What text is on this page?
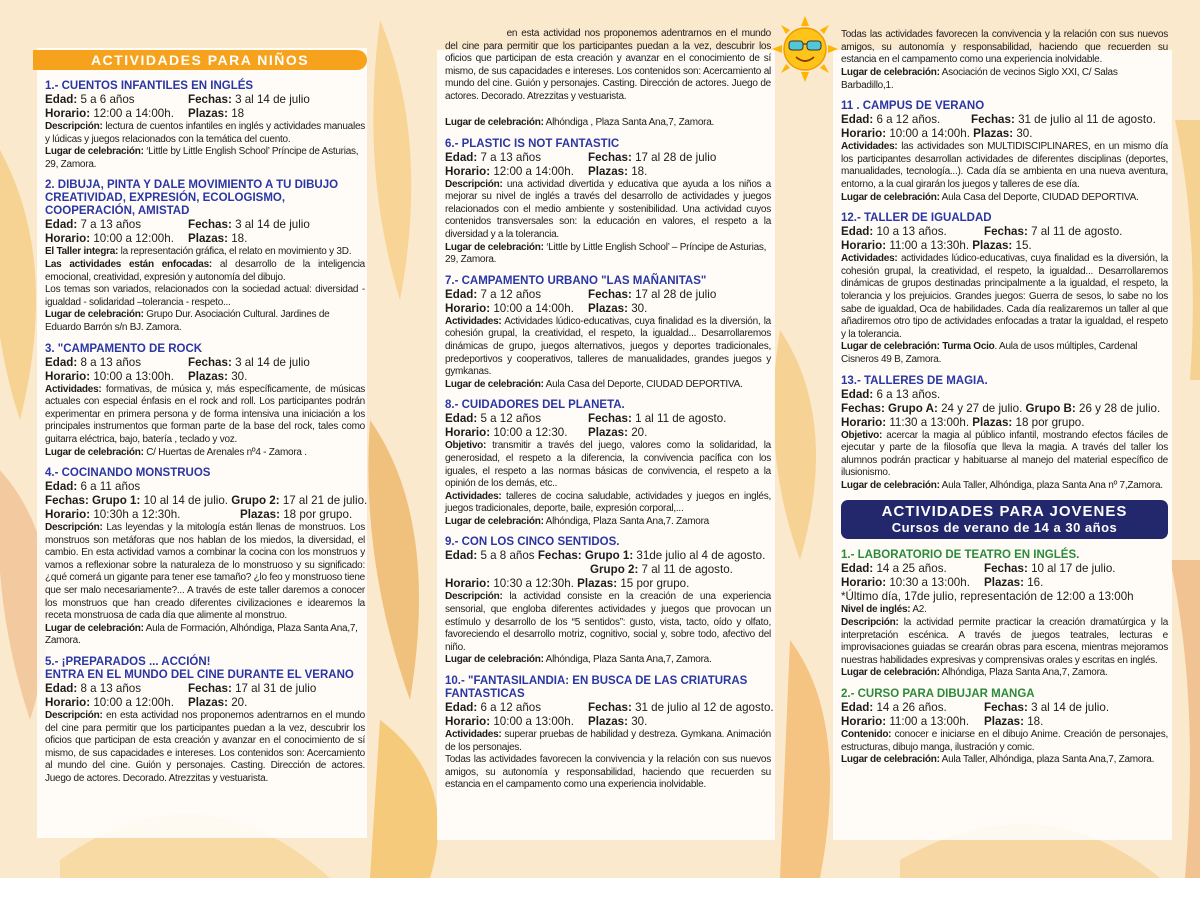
ACTIVIDADES PARA NIÑOS
1.- CUENTOS INFANTILES EN INGLÉS
Edad: 5 a 6 años	Fechas: 3 al 14 de julio
Horario: 12:00 a 14:00h. Plazas: 18
Descripción: lectura de cuentos infantiles en inglés y actividades manuales y lúdicas y juegos relacionados con la temática del cuento.
Lugar de celebración: ‘Little by Little English School’ Príncipe de Asturias, 29, Zamora.
2. DIBUJA, PINTA Y DALE MOVIMIENTO A TU DIBUJO CREATIVIDAD, EXPRESIÓN, ECOLOGISMO, COOPERACIÓN, AMISTAD
Edad: 7 a 13 años	Fechas: 3 al 14 de julio
Horario: 10:00 a 12:00h. Plazas: 18.
El Taller integra: la representación gráfica, el relato en movimiento y 3D.
Las actividades están enfocadas: al desarrollo de la inteligencia emocional, creatividad, expresión y autonomía del dibujo.
Los temas son variados, relacionados con la sociedad actual: diversidad - igualdad - solidaridad –tolerancia - respeto...
Lugar de celebración: Grupo Dur. Asociación Cultural. Jardines de Eduardo Barrón s/n BJ. Zamora.
3. "CAMPAMENTO DE ROCK
Edad: 8 a 13 años	Fechas: 3 al 14 de julio
Horario: 10:00 a 13:00h. Plazas: 30.
Actividades: formativas, de música y, más específicamente, de músicas actuales con especial énfasis en el rock and roll. Los participantes podrán experimentar en primera persona y de forma intensiva una iniciación a los principales instrumentos que forman parte de la base del rock, tales como guitarra eléctrica, bajo, batería , teclado y voz.
Lugar de celebración: C/ Huertas de Arenales nº4 - Zamora .
4.- COCINANDO MONSTRUOS
Edad: 6 a 11 años
Fechas: Grupo 1: 10 al 14 de julio. Grupo 2: 17 al 21 de julio.
Horario: 10:30h a 12:30h.	Plazas: 18 por grupo.
Descripción: Las leyendas y la mitología están llenas de monstruos. Los monstruos son metáforas que nos hablan de los miedos, la diversidad, el cambio. En esta actividad vamos a combinar la cocina con los monstruos y vamos a reflexionar sobre la naturaleza de lo monstruoso y su significado: ¿qué comerá un gigante para tener ese tamaño? ¿lo feo y monstruoso tiene que ser malo necesariamente?... A través de este taller daremos a conocer los monstruos que han creado diferentes civilizaciones e idearemos la receta monstruosa de cada día que alimente al monstruo.
Lugar de celebración: Aula de Formación, Alhóndiga, Plaza Santa Ana,7, Zamora.
5.- ¡PREPARADOS ... ACCIÓN!
ENTRA EN EL MUNDO DEL CINE DURANTE EL VERANO
Edad: 8 a 13 años	Fechas: 17 al 31 de julio
Horario: 10:00 a 12:00h. Plazas: 20.
Descripción: en esta actividad nos proponemos adentrarnos en el mundo del cine para permitir que los participantes puedan a la vez, descubrir los oficios que participan de esta creación y avanzar en el conocimiento de sí mismo, de sus capacidades e intereses. Los contenidos son: Acercamiento al mundo del cine. Guión y personajes. Casting. Dirección de actores. Juego de actores. Decorado. Atrezzitas y vestuarista.
en esta actividad nos proponemos adentrarnos en el mundo del cine para permitir que los participantes puedan a la vez, descubrir los oficios que participan de esta creación y avanzar en el conocimiento de sí mismo, de sus capacidades e intereses. Los contenidos son: Acercamiento al mundo del cine. Guión y personajes. Casting. Dirección de actores. Juego de actores. Decorado. Atrezzitas y vestuarista.
Lugar de celebración: Alhóndiga , Plaza Santa Ana,7, Zamora.
6.- PLASTIC IS NOT FANTASTIC
Edad: 7 a 13 años	Fechas: 17 al 28 de julio
Horario: 12:00 a 14:00h. Plazas: 18.
Descripción: una actividad divertida y educativa que ayuda a los niños a mejorar su nivel de inglés a través del desarrollo de actividades y juegos relacionados con el medio ambiente y sostenibilidad. Una actividad cuyos contenidos transversales son: la educación en valores, el respeto a la diversidad y a la tolerancia.
Lugar de celebración: ‘Little by Little English School’ – Príncipe de Asturias, 29, Zamora.
7.- CAMPAMENTO URBANO "LAS MAÑANITAS"
Edad: 7 a 12 años	Fechas: 17 al 28 de julio
Horario: 10:00 a 14:00h. Plazas: 30.
Actividades: Actividades lúdico-educativas, cuya finalidad es la diversión, la cohesión grupal, la creatividad, el respeto, la igualdad... Desarrollaremos dinámicas de grupo, juegos alternativos, juegos y deportes tradicionales, predeportivos y cooperativos, talleres de manualidades, grandes juegos y gymkanas.
Lugar de celebración: Aula Casa del Deporte, CIUDAD DEPORTIVA.
8.- CUIDADORES DEL PLANETA.
Edad: 5 a 12 años	Fechas: 1 al 11 de agosto.
Horario: 10:00 a 12:30. Plazas: 20.
Objetivo: transmitir a través del juego, valores como la solidaridad, la generosidad, el respeto a la diferencia, la convivencia pacífica con los iguales, el respeto a las normas básicas de convivencia, el respeto a la opinión de los demás, etc..
Actividades: talleres de cocina saludable, actividades y juegos en inglés, juegos tradicionales, deporte, baile, expresión corporal,...
Lugar de celebración: Alhóndiga, Plaza Santa Ana,7. Zamora
9.- CON LOS CINCO SENTIDOS.
Edad: 5 a 8 años Fechas: Grupo 1: 31de julio al 4 de agosto.
Grupo 2: 7 al 11 de agosto.
Horario: 10:30 a 12:30h. Plazas: 15 por grupo.
Descripción: la actividad consiste en la creación de una experiencia sensorial, que engloba diferentes actividades y juegos que provocan un estímulo y desarrollo de los “5 sentidos”: gusto, vista, tacto, oído y olfato, favoreciendo el desarrollo motriz, cognitivo, social y, sobre todo, afectivo del niño.
Lugar de celebración: Alhóndiga, Plaza Santa Ana,7, Zamora.
10.- "FANTASILANDIA: EN BUSCA DE LAS CRIATURAS FANTASTICAS
Edad: 6 a 12 años	Fechas: 31 de julio al 12 de agosto.
Horario: 10:00 a 13:00h. Plazas: 30.
Actividades: superar pruebas de habilidad y destreza. Gymkana. Animación de los personajes.
Todas las actividades favorecen la convivencia y la relación con sus nuevos amigos, su autonomía y responsabilidad, haciendo que recuerden su estancia en el campamento como una experiencia inolvidable.
Todas las actividades favorecen la convivencia y la relación con sus nuevos amigos, su autonomía y responsabilidad, haciendo que recuerden su estancia en el campamento como una experiencia inolvidable.
Lugar de celebración: Asociación de vecinos Siglo XXI, C/ Salas Barbadillo,1.
11 . CAMPUS DE VERANO
Edad: 6 a 12 años.	Fechas: 31 de julio al 11 de agosto.
Horario: 10:00 a 14:00h. Plazas: 30.
Actividades: las actividades son MULTIDISCIPLINARES, en un mismo día los participantes desarrollan actividades de diferentes disciplinas (deportes, manualidades, tecnología...). Cada día se ambienta en una nueva aventura, entorno, a la cual girarán los juegos y talleres de ese día.
Lugar de celebración: Aula Casa del Deporte, CIUDAD DEPORTIVA.
12.- TALLER DE IGUALDAD
Edad: 10 a 13 años.	Fechas: 7 al 11 de agosto.
Horario: 11:00 a 13:30h. Plazas: 15.
Actividades: actividades lúdico-educativas, cuya finalidad es la diversión, la cohesión grupal, la creatividad, el respeto, la igualdad... Desarrollaremos dinámicas de grupos destinadas principalmente a la igualdad, el respeto, la tolerancia y los prejuicios. Grandes juegos: Guerra de sesos, lo sabe no los sabe de igualdad, Oca de habilidades. Cada día realizaremos un taller al que añadiremos otro tipo de actividades enfocadas a tratar la igualdad, el respeto y la tolerancia.
Lugar de celebración: Turma Ocio. Aula de usos múltiples, Cardenal Cisneros 49 B, Zamora.
13.- TALLERES DE MAGIA.
Edad: 6 a 13 años.
Fechas: Grupo A: 24 y 27 de julio. Grupo B: 26 y 28 de julio.
Horario: 11:30 a 13:00h. Plazas: 18 por grupo.
Objetivo: acercar la magia al público infantil, mostrando efectos fáciles de ejecutar y parte de la filosofía que lleva la magia. A través del taller los alumnos podrán practicar y habituarse al manejo del material específico de ilusionismo.
Lugar de celebración: Aula Taller, Alhóndiga, plaza Santa Ana nº 7,Zamora.
ACTIVIDADES PARA JOVENES
Cursos de verano de 14 a 30 años
1.- LABORATORIO DE TEATRO EN INGLÉS.
Edad: 14 a 25 años.	Fechas: 10 al 17 de julio.
Horario: 10:30 a 13:00h. Plazas: 16.
*Último día, 17de julio, representación de 12:00 a 13:00h
Nivel de inglés: A2.
Descripción: la actividad permite practicar la creación dramatúrgica y la interpretación escénica. A través de juegos teatrales, lecturas e improvisaciones guiadas se crearán obras para escena, mientras mejoramos nuestras habilidades expresivas y comprensivas orales y escritas en inglés.
Lugar de celebración: Alhóndiga, Plaza Santa Ana,7, Zamora.
2.- CURSO PARA DIBUJAR MANGA
Edad: 14 a 26 años.	Fechas: 3 al 14 de julio.
Horario: 11:00 a 13:00h. Plazas: 18.
Contenido: conocer e iniciarse en el dibujo Anime. Creación de personajes, estructuras, dibujo manga, ilustración y comic.
Lugar de celebración: Aula Taller, Alhóndiga, plaza Santa Ana,7, Zamora.
